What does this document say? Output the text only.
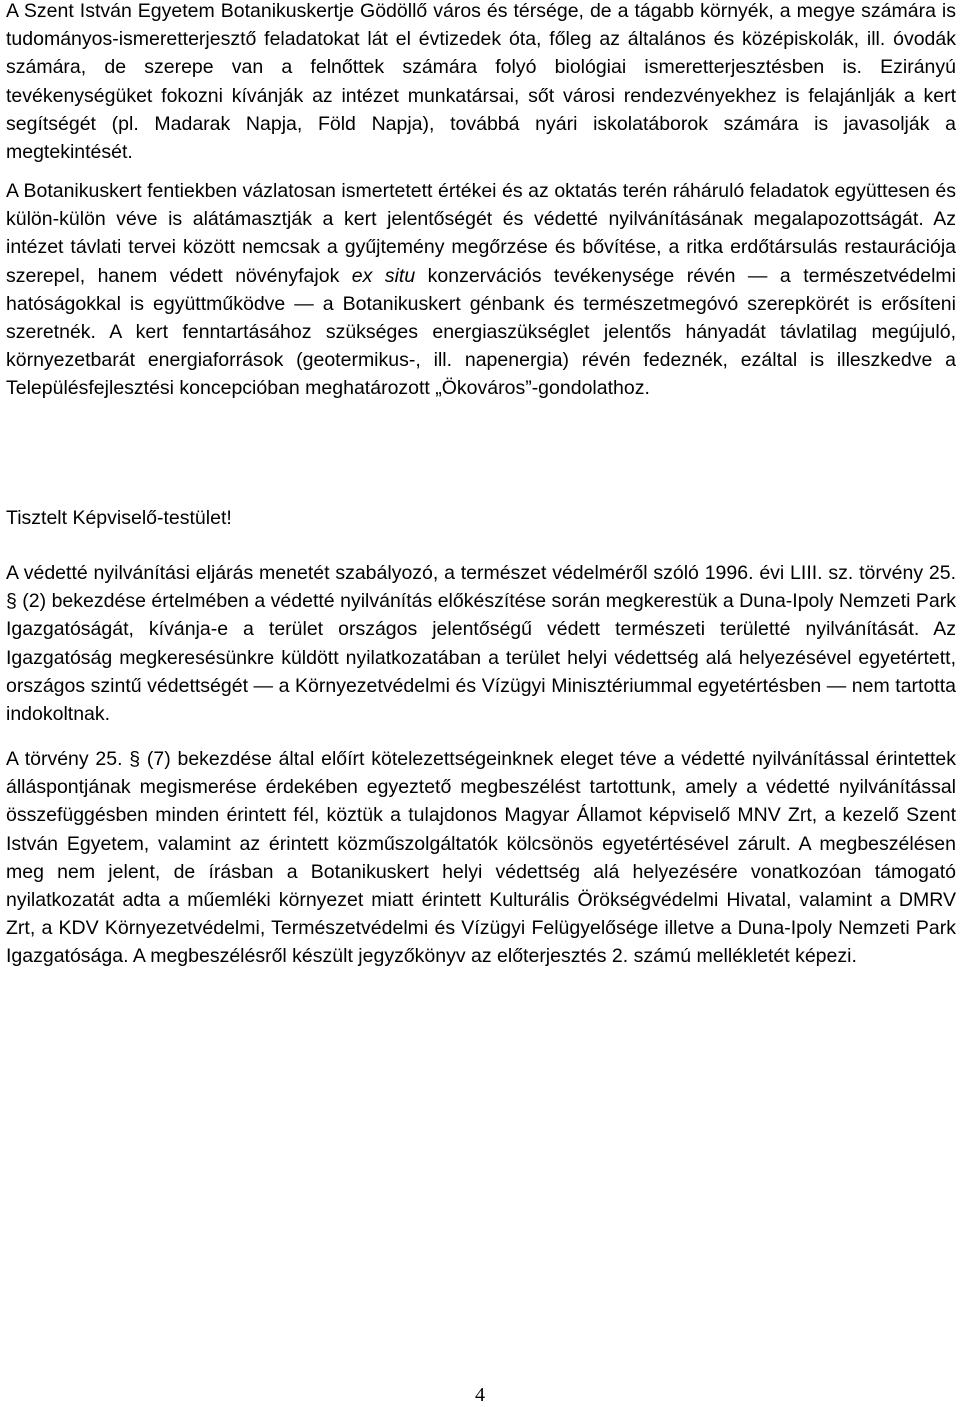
A Szent István Egyetem Botanikuskertje Gödöllő város és térsége, de a tágabb környék, a megye számára is tudományos-ismeretterjesztő feladatokat lát el évtizedek óta, főleg az általános és középiskolák, ill. óvodák számára, de szerepe van a felnőttek számára folyó biológiai ismeretterjesztésben is. Ezirányú tevékenységüket fokozni kívánják az intézet munkatársai, sőt városi rendezvényekhez is felajánlják a kert segítségét (pl. Madarak Napja, Föld Napja), továbbá nyári iskolatáborok számára is javasolják a megtekintését.

A Botanikuskert fentiekben vázlatosan ismertetett értékei és az oktatás terén ráháruló feladatok együttesen és külön-külön véve is alátámasztják a kert jelentőségét és védetté nyilvánításának megalapozottságát. Az intézet távlati tervei között nemcsak a gyűjtemény megőrzése és bővítése, a ritka erdőtársulás restaurációja szerepel, hanem védett növényfajok ex situ konzervációs tevékenysége révén — a természetvédelmi hatóságokkal is együttműködve — a Botanikuskert génbank és természetmegóvó szerepkörét is erősíteni szeretnék. A kert fenntartásához szükséges energiaszükséglet jelentős hányadát távlatilag megújuló, környezetbarát energiaforrások (geotermikus-, ill. napenergia) révén fedeznék, ezáltal is illeszkedve a Településfejlesztési koncepcióban meghatározott „Ökováros”-gondolathoz.

Tisztelt Képviselő-testület!

A védetté nyilvánítási eljárás menetét szabályozó, a természet védelméről szóló 1996. évi LIII. sz. törvény 25. § (2) bekezdése értelmében a védetté nyilvánítás előkészítése során megkerestük a Duna-Ipoly Nemzeti Park Igazgatóságát, kívánja-e a terület országos jelentőségű védett természeti területté nyilvánítását. Az Igazgatóság megkeresésünkre küldött nyilatkozatában a terület helyi védettség alá helyezésével egyetértett, országos szintű védettségét — a Környezetvédelmi és Vízügyi Minisztériummal egyetértésben — nem tartotta indokoltnak.

A törvény 25. § (7) bekezdése által előírt kötelezettségeinknek eleget téve a védetté nyilvánítással érintettek álláspontjának megismerése érdekében egyeztető megbeszélést tartottunk, amely a védetté nyilvánítással összefüggésben minden érintett fél, köztük a tulajdonos Magyar Államot képviselő MNV Zrt, a kezelő Szent István Egyetem, valamint az érintett közműszolgáltatók kölcsönös egyetértésével zárult. A megbeszélésen meg nem jelent, de írásban a Botanikuskert helyi védettség alá helyezésére vonatkozóan támogató nyilatkozatát adta a műemléki környezet miatt érintett Kulturális Örökségvédelmi Hivatal, valamint a DMRV Zrt, a KDV Környezetvédelmi, Természetvédelmi és Vízügyi Felügyelősége illetve a Duna-Ipoly Nemzeti Park Igazgatósága. A megbeszélésről készült jegyzőkönyv az előterjesztés 2. számú mellékletét képezi.

4
